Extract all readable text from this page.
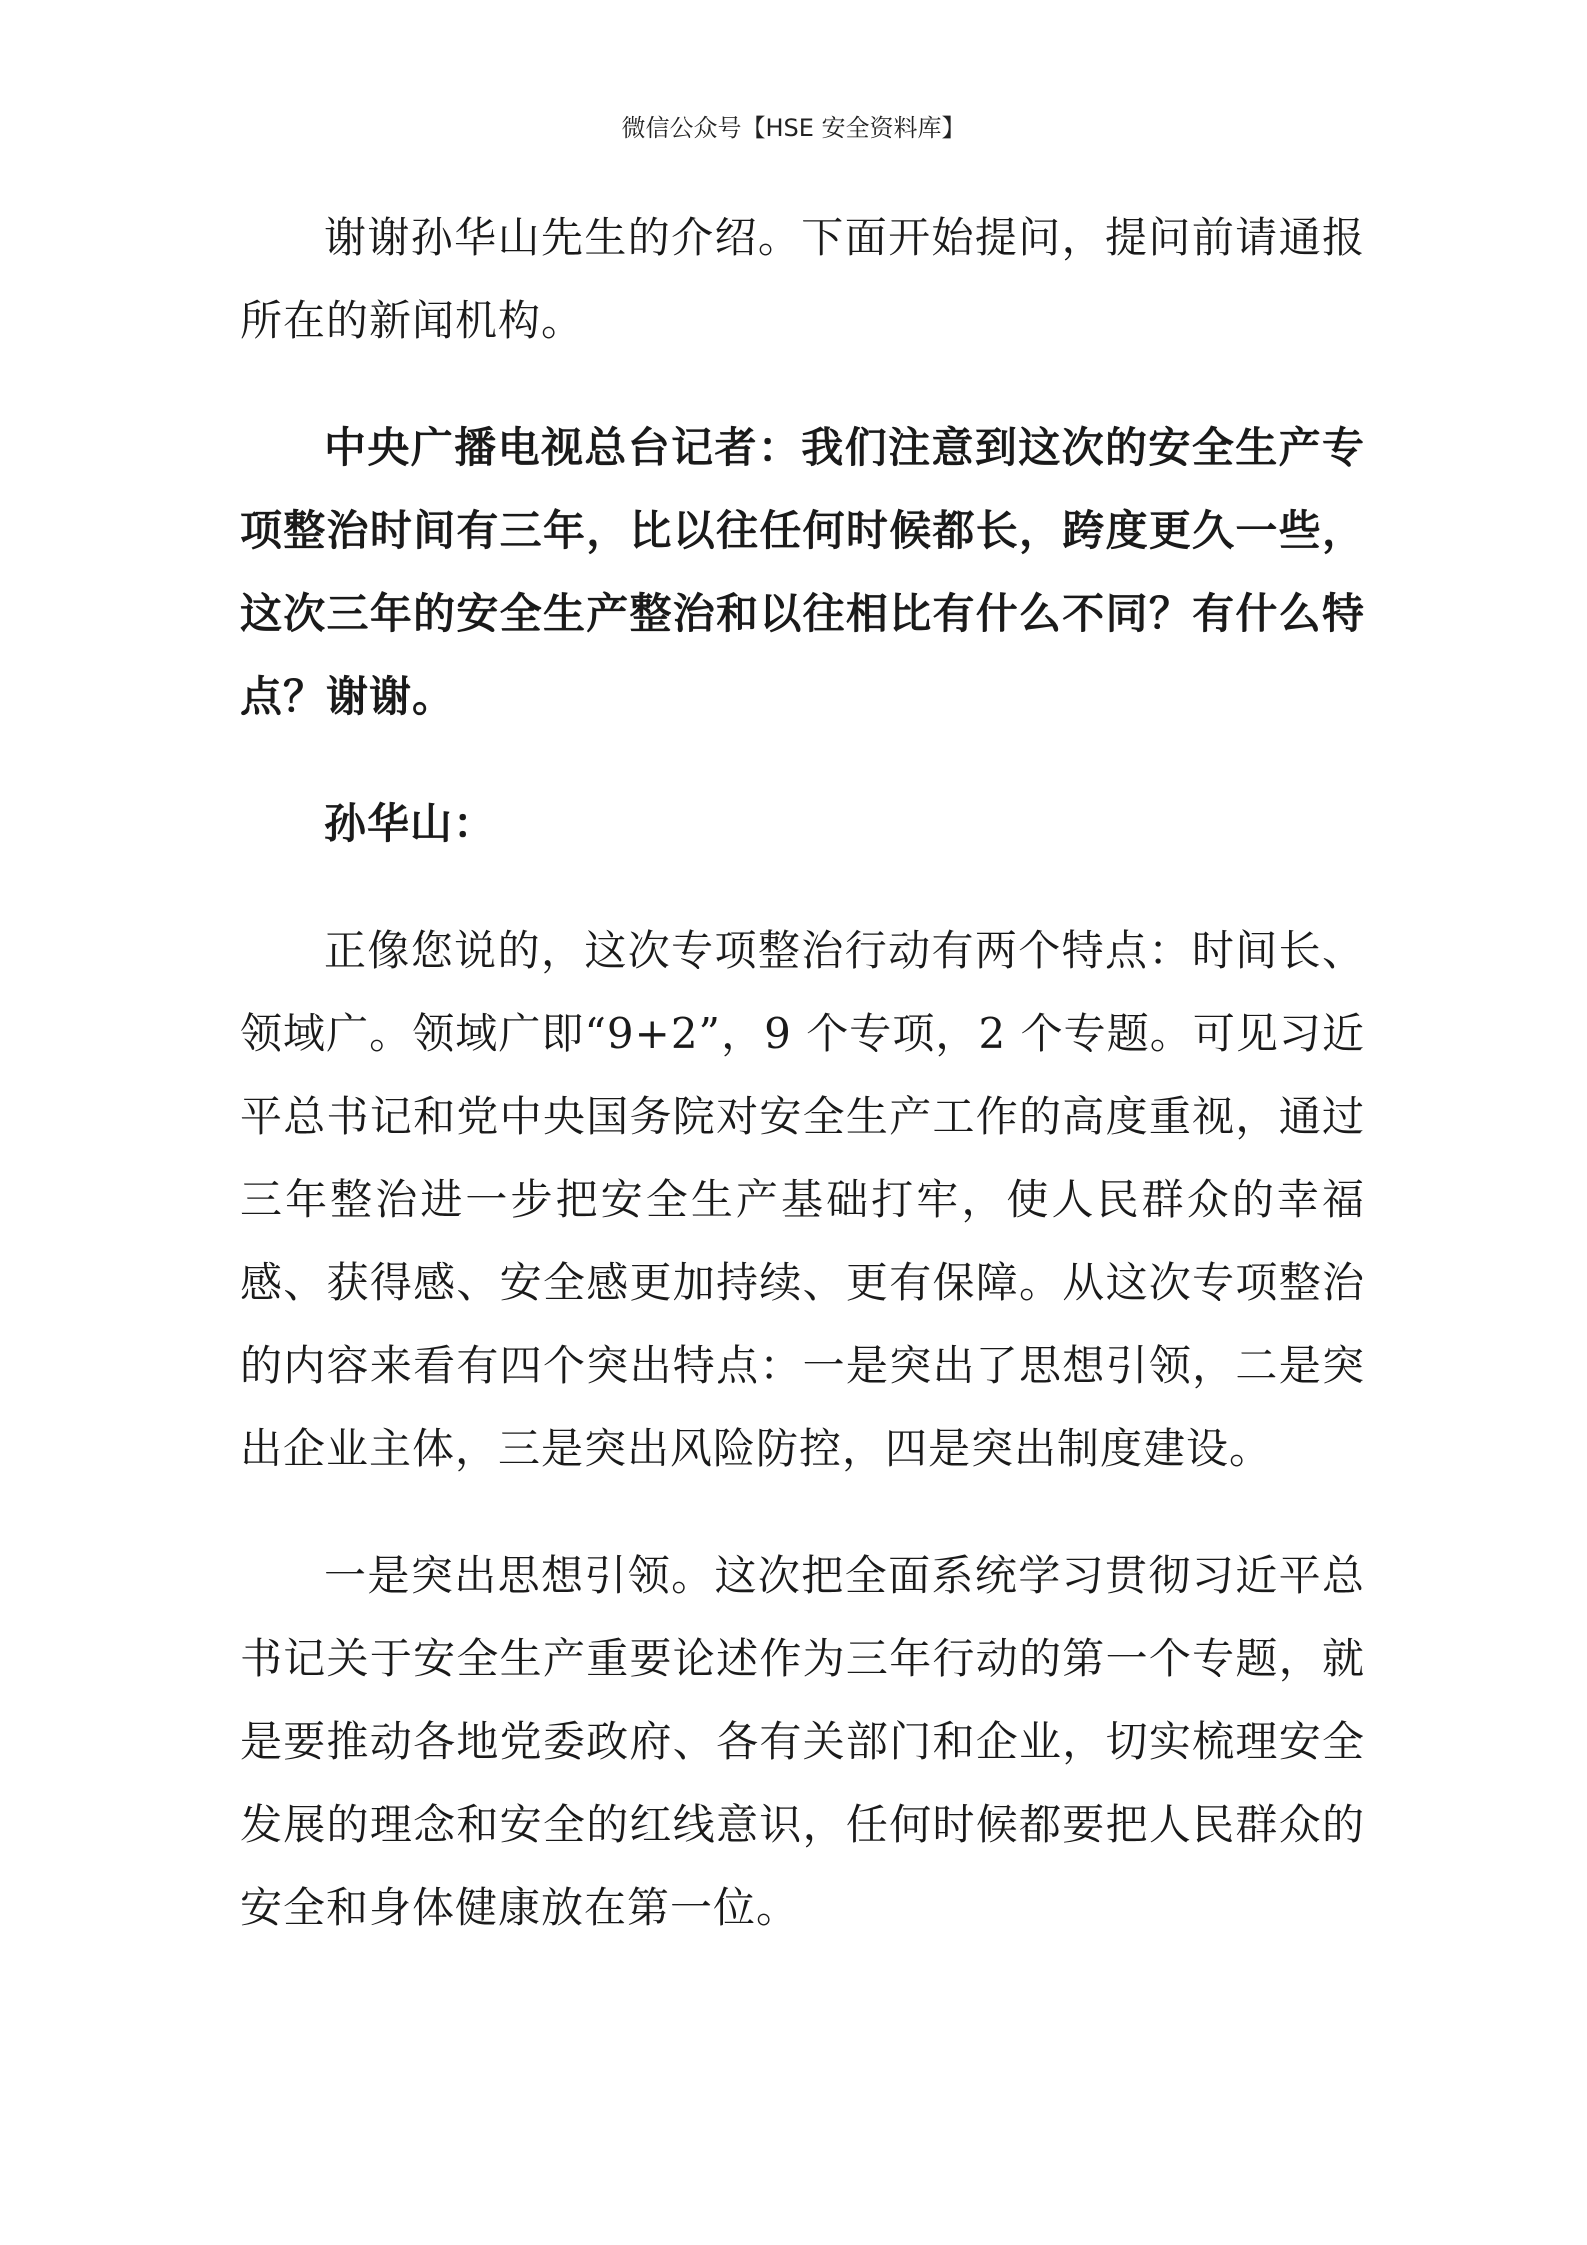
微信公众号【HSE 安全资料库】

谢谢孙华山先生的介绍。下面开始提问，提问前请通报所在的新闻机构。

中央广播电视总台记者：我们注意到这次的安全生产专项整治时间有三年，比以往任何时候都长，跨度更久一些，这次三年的安全生产整治和以往相比有什么不同？有什么特点？谢谢。

孙华山：

正像您说的，这次专项整治行动有两个特点：时间长、领域广。领域广即“9+2”，9 个专项，2 个专题。可见习近平总书记和党中央国务院对安全生产工作的高度重视，通过三年整治进一步把安全生产基础打牢，使人民群众的幸福感、获得感、安全感更加持续、更有保障。从这次专项整治的内容来看有四个突出特点：一是突出了思想引领，二是突出企业主体，三是突出风险防控，四是突出制度建设。

一是突出思想引领。这次把全面系统学习贯彻习近平总书记关于安全生产重要论述作为三年行动的第一个专题，就是要推动各地党委政府、各有关部门和企业，切实梳理安全发展的理念和安全的红线意识，任何时候都要把人民群众的安全和身体健康放在第一位。
